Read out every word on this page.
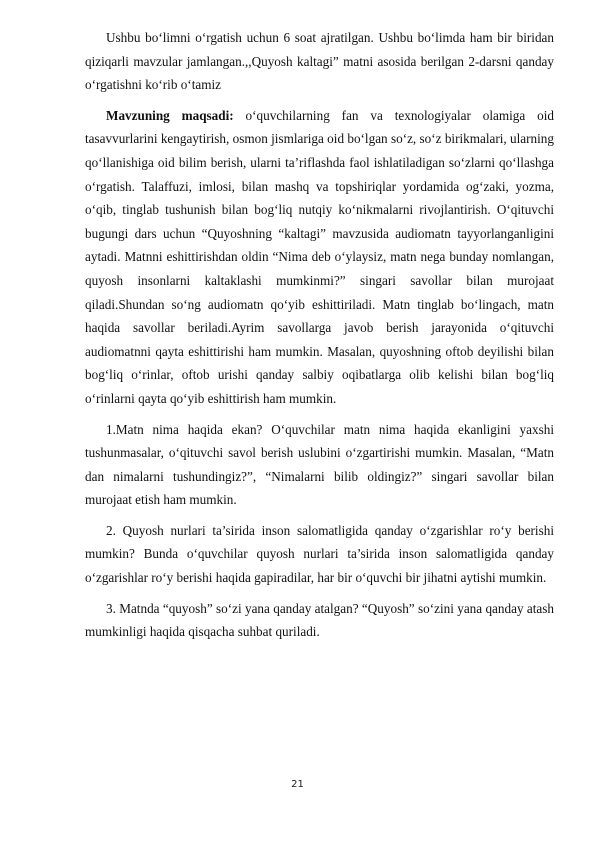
Ushbu bo‘limni o‘rgatish uchun 6 soat ajratilgan. Ushbu bo‘limda ham bir biridan qiziqarli mavzular jamlangan.,,Quyosh kaltagi” matni asosida berilgan 2-darsni qanday o‘rgatishni ko‘rib o‘tamiz

Mavzuning maqsadi: o‘quvchilarning fan va texnologiyalar olamiga oid tasavvurlarini kengaytirish, osmon jismlariga oid bo‘lgan so‘z, so‘z birikmalari, ularning qo‘llanishiga oid bilim berish, ularni ta’riflashda faol ishlatiladigan so‘zlarni qo‘llashga o‘rgatish. Talaffuzi, imlosi, bilan mashq va topshiriqlar yordamida og‘zaki, yozma, o‘qib, tinglab tushunish bilan bog‘liq nutqiy ko‘nikmalarni rivojlantirish. O‘qituvchi bugungi dars uchun “Quyoshning “kaltagi” mavzusida audiomatn tayyorlanganligini aytadi. Matnni eshittirishdan oldin “Nima deb o‘ylaysiz, matn nega bunday nomlangan, quyosh insonlarni kaltaklashi mumkinmi?” singari savollar bilan murojaat qiladi.Shundan so‘ng audiomatn qo‘yib eshittiriladi. Matn tinglab bo‘lingach, matn haqida savollar beriladi.Ayrim savollarga javob berish jarayonida o‘qituvchi audiomatnni qayta eshittirishi ham mumkin. Masalan, quyoshning oftob deyilishi bilan bog‘liq o‘rinlar, oftob urishi qanday salbiy oqibatlarga olib kelishi bilan bog‘liq o‘rinlarni qayta qo‘yib eshittirish ham mumkin.

1.Matn nima haqida ekan? O‘quvchilar matn nima haqida ekanligini yaxshi tushunmasalar, o‘qituvchi savol berish uslubini o‘zgartirishi mumkin. Masalan, “Matn dan nimalarni tushundingiz?”, “Nimalarni bilib oldingiz?” singari savollar bilan murojaat etish ham mumkin.

2. Quyosh nurlari ta’sirida inson salomatligida qanday o‘zgarishlar ro‘y berishi mumkin? Bunda o‘quvchilar quyosh nurlari ta’sirida inson salomatligida qanday o‘zgarishlar ro‘y berishi haqida gapiradilar, har bir o‘quvchi bir jihatni aytishi mumkin.

3. Matnda “quyosh” so‘zi yana qanday atalgan? “Quyosh” so‘zini yana qanday atash mumkinligi haqida qisqacha suhbat quriladi.

21
